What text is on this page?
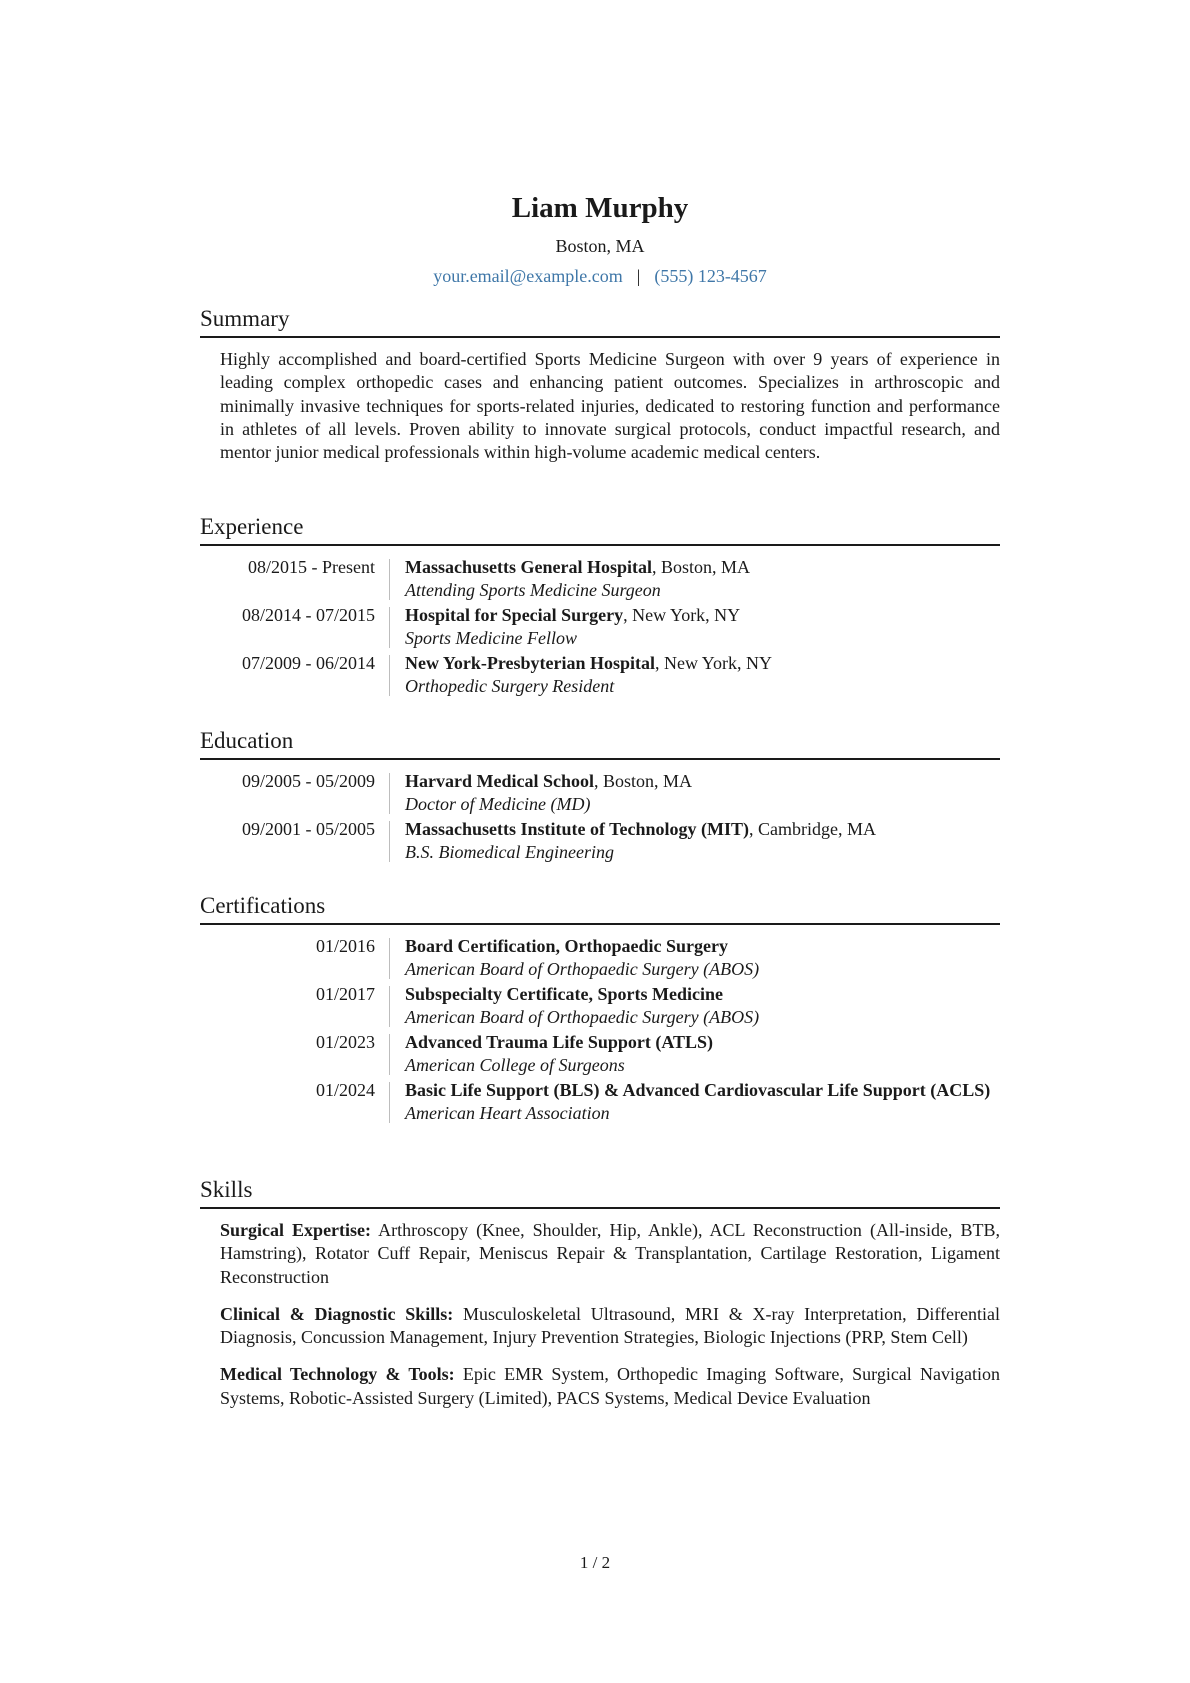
Liam Murphy
Boston, MA
your.email@example.com | (555) 123-4567
Summary
Highly accomplished and board-certified Sports Medicine Surgeon with over 9 years of experience in leading complex orthopedic cases and enhancing patient outcomes. Specializes in arthroscopic and minimally invasive techniques for sports-related injuries, dedicated to restoring function and performance in athletes of all levels. Proven ability to innovate surgical protocols, conduct impactful research, and mentor junior medical professionals within high-volume academic medical centers.
Experience
08/2015 - Present	Massachusetts General Hospital, Boston, MA
Attending Sports Medicine Surgeon
08/2014 - 07/2015	Hospital for Special Surgery, New York, NY
Sports Medicine Fellow
07/2009 - 06/2014	New York-Presbyterian Hospital, New York, NY
Orthopedic Surgery Resident
Education
09/2005 - 05/2009	Harvard Medical School, Boston, MA
Doctor of Medicine (MD)
09/2001 - 05/2005	Massachusetts Institute of Technology (MIT), Cambridge, MA
B.S. Biomedical Engineering
Certifications
01/2016	Board Certification, Orthopaedic Surgery
American Board of Orthopaedic Surgery (ABOS)
01/2017	Subspecialty Certificate, Sports Medicine
American Board of Orthopaedic Surgery (ABOS)
01/2023	Advanced Trauma Life Support (ATLS)
American College of Surgeons
01/2024	Basic Life Support (BLS) & Advanced Cardiovascular Life Support (ACLS)
American Heart Association
Skills
Surgical Expertise: Arthroscopy (Knee, Shoulder, Hip, Ankle), ACL Reconstruction (All-inside, BTB, Hamstring), Rotator Cuff Repair, Meniscus Repair & Transplantation, Cartilage Restoration, Ligament Reconstruction
Clinical & Diagnostic Skills: Musculoskeletal Ultrasound, MRI & X-ray Interpretation, Differential Diagnosis, Concussion Management, Injury Prevention Strategies, Biologic Injections (PRP, Stem Cell)
Medical Technology & Tools: Epic EMR System, Orthopedic Imaging Software, Surgical Navigation Systems, Robotic-Assisted Surgery (Limited), PACS Systems, Medical Device Evaluation
1 / 2
